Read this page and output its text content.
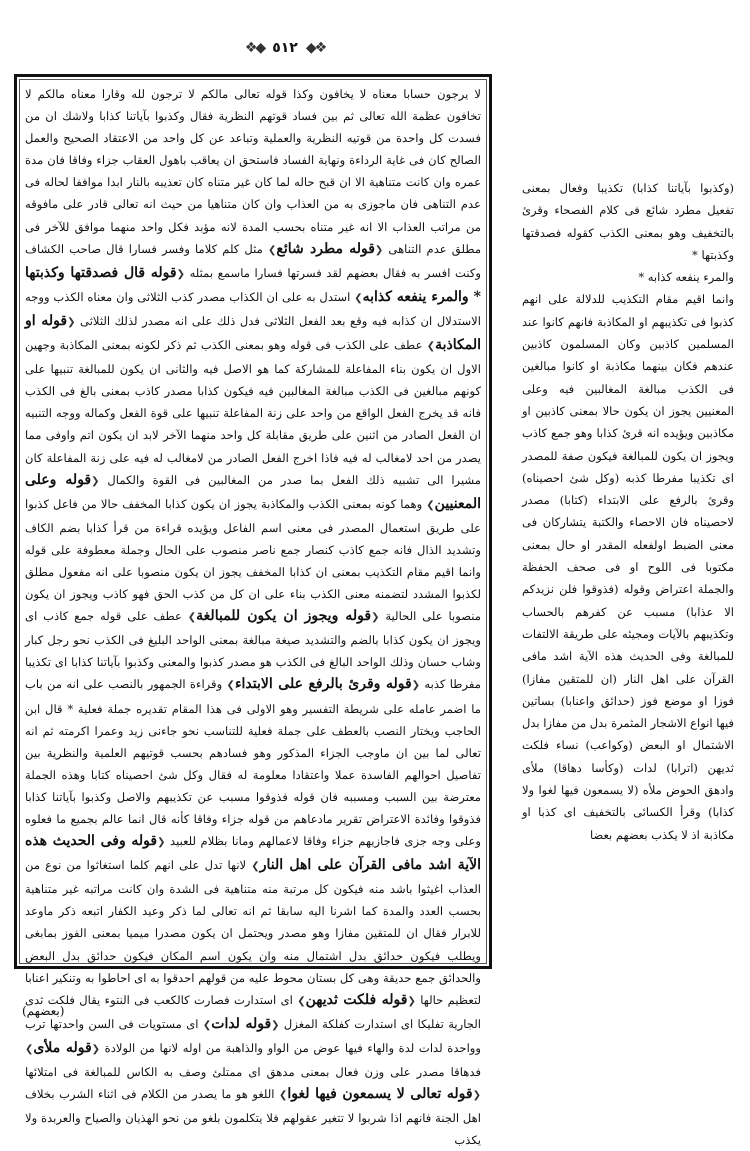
❖◆
٥١٢
◆❖

لا يرجون حسابا معناه لا يخافون وكذا قوله تعالى مالكم لا ترجون لله وقارا معناه مالكم لا تخافون عظمة الله تعالى ثم بين فساد قوتهم النظرية فقال وكذبوا بآياتنا كذابا ولاشك ان من فسدت كل واحدة من قوتيه النظرية والعملية وتباعد عن كل واحد من الاعتقاد الصحيح والعمل الصالح كان فى غاية الرداءة ونهاية الفساد فاستحق ان يعاقب باهول العقاب جزاء وفاقا فان مدة عمره وان كانت متناهية الا ان قبح حاله لما كان غير متناه كان تعذيبه بالنار ابدا مواففا لحاله فى عدم التناهى فان ماجوزى به من العذاب وان كان متناهيا من حيث انه تعالى قادر على مافوقه من مراتب العذاب الا انه غير متناه بحسب المدة لانه مؤبد فكل واحد منهما موافق للآخر فى مطلق عدم التناهى ❮قوله مطرد شائع❯ مثل كلم كلاما وفسر فسارا قال صاحب الكشاف وكنت افسر به فقال بعضهم لقد فسرتها فسارا ماسمع بمثله ❮قوله قال فصدقتها وكذبتها * والمرء ينفعه كذابه❯ استدل به على ان الكذاب مصدر كذب الثلاثى وان معناه الكذب ووجه الاستدلال ان كذابه فيه وقع بعد الفعل الثلاثى فدل ذلك على انه مصدر لذلك الثلاثى ❮قوله او المكاذبة❯ عطف على الكذب فى قوله وهو بمعنى الكذب ثم ذكر لكونه بمعنى المكاذبة وجهين الاول ان يكون بناء المفاعلة للمشاركة كما هو الاصل فيه والثانى ان يكون للمبالغة تنبيها على كونهم مبالغين فى الكذب مبالغة المغالبين فيه فيكون كذابا مصدر كاذب بمعنى بالغ فى الكذب فانه قد يخرج الفعل الواقع من واحد على زنة المفاعلة تنبيها على قوة الفعل وكماله ووجه التنبيه ان الفعل الصادر من اثنين على طريق مقابلة كل واحد منهما الآخر لابد ان يكون اتم واوفى مما يصدر من احد لامغالب له فيه فاذا اخرج الفعل الصادر من لامغالب له فيه على زنة المفاعلة كان مشيرا الى تشبيه ذلك الفعل بما صدر من المغالبين فى القوة والكمال ❮قوله وعلى المعنيين❯ وهما كونه بمعنى الكذب والمكاذبة يجوز ان يكون كذابا المخفف حالا من فاعل كذبوا على طريق استعمال المصدر فى معنى اسم الفاعل ويؤيده قراءة من قرأ كذابا بضم الكاف وتشديد الذال فانه جمع كاذب كنصار جمع ناصر منصوب على الحال وجملة معطوفة على قوله وانما اقيم مقام التكذيب بمعنى ان كذابا المخفف يجوز ان يكون منصوبا على انه مفعول مطلق لكذبوا المشدد لتضمنه معنى الكذب بناء على ان كل من كذب الحق فهو كاذب ويجوز ان يكون منصوبا على الحالية ❮قوله ويجوز ان يكون للمبالغة❯ عطف على قوله جمع كاذب اى ويجوز ان يكون كذابا بالضم والتشديد صيغة مبالغة بمعنى الواحد البليغ فى الكذب نحو رجل كبار وشاب حسان وذلك الواحد البالغ فى الكذب هو مصدر كذبوا والمعنى وكذبوا بآياتنا كذابا اى تكذيبا مفرطا كذبه ❮قوله وقرئ بالرفع على الابتداء❯ وقراءة الجمهور بالنصب على انه من باب ما اضمر عامله على شريطة التفسير وهو الاولى فى هذا المقام تقديره جملة فعلية * قال ابن الحاجب ويختار النصب بالعطف على جملة فعلية للتناسب نحو جاءنى زيد وعمرا اكرمته ثم انه تعالى لما بين ان ماوجب الجزاء المذكور وهو فسادهم بحسب قوتيهم العلمية والنظرية بين تفاصيل احوالهم الفاسدة عملا واعتقادا معلومة له فقال وكل شئ احصيناه كتابا وهذه الجملة معترضة بين السبب ومسببه فان قوله فذوقوا مسبب عن تكذيبهم والاصل وكذبوا بآياتنا كذابا فذوقوا وفائدة الاعتراض تقرير مادعاهم من قوله جزاء وفاقا كأنه قال انما عالم بجميع ما فعلوه وعلى وجه جزى فاجازيهم جزاء وفاقا لاعمالهم ومانا بظلام للعبيد ❮قوله وفى الحديث هذه الآية اشد مافى القرآن على اهل النار❯ لانها تدل على انهم كلما استغاثوا من نوع من العذاب اغيثوا باشد منه فيكون كل مرتبة منه متناهية فى الشدة وان كانت مراتبه غير متناهية بحسب العدد والمدة كما اشرنا اليه سابقا ثم انه تعالى لما ذكر وعيد الكفار اتبعه ذكر ماوعد للابرار فقال ان للمتقين مفازا وهو مصدر ويحتمل ان يكون مصدرا ميميا بمعنى الفوز بمابغى ويطلب فيكون حدائق بدل اشتمال منه وان يكون اسم المكان فيكون حدائق بدل البعض والحدائق جمع حديقة وهى كل بستان محوط عليه من قولهم احدقوا به اى احاطوا به وتنكير اعنابا لتعظيم حالها ❮قوله فلكت ثديهن❯ اى استدارت فصارت كالكعب فى النتوء يقال فلكت ثدى الجارية تفليكا اى استدارت كفلكة المغزل ❮قوله لدات❯ اى مستويات فى السن واحدتها ترب وواحدة لدات لدة والهاء فيها عوض من الواو والذاهبة من اوله لانها من الولادة ❮قوله ملأى❯ فدهاقا مصدر على وزن فعال بمعنى مدهق اى ممتلئ وصف به الكاس للمبالغة فى امتلائها ❮قوله تعالى لا يسمعون فيها لغوا❯ اللغو هو ما يصدر من الكلام فى اثناء الشرب بخلاف اهل الجنة فانهم اذا شربوا لا تتغير عقولهم فلا يتكلمون بلغو من نحو الهذيان والصياح والعربدة ولا يكذب

(وكذبوا بآياتنا كذابا) تكذيبا وفعال بمعنى تفعيل مطرد شائع فى كلام الفصحاء وقرئ بالتخفيف وهو بمعنى الكذب كقوله فصدقتها وكذبتها *

والمرء ينفعه كذابه *

وانما اقيم مقام التكذيب للدلالة على انهم كذبوا فى تكذيبهم او المكاذبة فانهم كانوا عند المسلمين كاذبين وكان المسلمون كاذبين عندهم فكان بينهما مكاذبة او كانوا مبالغين فى الكذب مبالغة المغالبين فيه وعلى المعنيين يجوز ان يكون حالا بمعنى كاذبين او مكاذبين ويؤيده انه قرئ كذابا وهو جمع كاذب ويجوز ان يكون للمبالغة فيكون صفة للمصدر اى تكذيبا مفرطا كذبه (وكل شئ احصيناه) وقرئ بالرفع على الابتداء (كتابا) مصدر لاحصيناه فان الاحصاء والكتبة يتشاركان فى معنى الضبط اولفعله المقدر او حال بمعنى مكتوبا فى اللوح او فى صحف الحفظة والجملة اعتراض وقوله (فذوقوا فلن نزيدكم الا عذابا) مسبب عن كفرهم بالحساب وتكذيبهم بالآيات ومجيئه على طريقة الالتفات للمبالغة وفى الحديث هذه الآية اشد مافى القرآن على اهل النار (ان للمتقين مفازا) فوزا او موضع فوز (حدائق واعنابا) بساتين فيها انواع الاشجار المثمرة بدل من مفازا بدل الاشتمال او البعض (وكواعب) نساء فلكت ثديهن (اترابا) لدات (وكأسا دهاقا) ملأى وادهق الحوض ملأه (لا يسمعون فيها لغوا ولا كذابا) وقرأ الكسائى بالتخفيف اى كذبا او مكاذبة اذ لا يكذب بعضهم بعضا

(بعضهم)
